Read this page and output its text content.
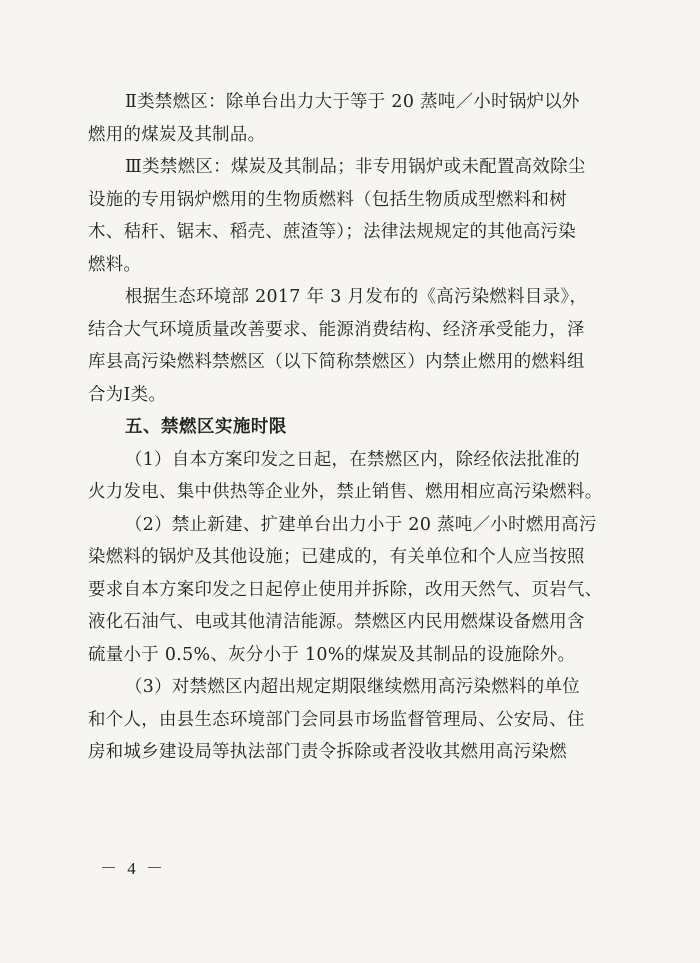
Ⅱ类禁燃区：除单台出力大于等于 20 蒸吨／小时锅炉以外
燃用的煤炭及其制品。
Ⅲ类禁燃区：煤炭及其制品；非专用锅炉或未配置高效除尘
设施的专用锅炉燃用的生物质燃料（包括生物质成型燃料和树
木、秸秆、锯末、稻壳、蔗渣等）；法律法规规定的其他高污染
燃料。
根据生态环境部 2017 年 3 月发布的《高污染燃料目录》，
结合大气环境质量改善要求、能源消费结构、经济承受能力，泽
库县高污染燃料禁燃区（以下简称禁燃区）内禁止燃用的燃料组
合为Ⅰ类。
五、禁燃区实施时限
（1）自本方案印发之日起，在禁燃区内，除经依法批准的
火力发电、集中供热等企业外，禁止销售、燃用相应高污染燃料。
（2）禁止新建、扩建单台出力小于 20 蒸吨／小时燃用高污
染燃料的锅炉及其他设施；已建成的，有关单位和个人应当按照
要求自本方案印发之日起停止使用并拆除，改用天然气、页岩气、
液化石油气、电或其他清洁能源。禁燃区内民用燃煤设备燃用含
硫量小于 0.5%、灰分小于 10%的煤炭及其制品的设施除外。
（3）对禁燃区内超出规定期限继续燃用高污染燃料的单位
和个人，由县生态环境部门会同县市场监督管理局、公安局、住
房和城乡建设局等执法部门责令拆除或者没收其燃用高污染燃
－ 4 －
